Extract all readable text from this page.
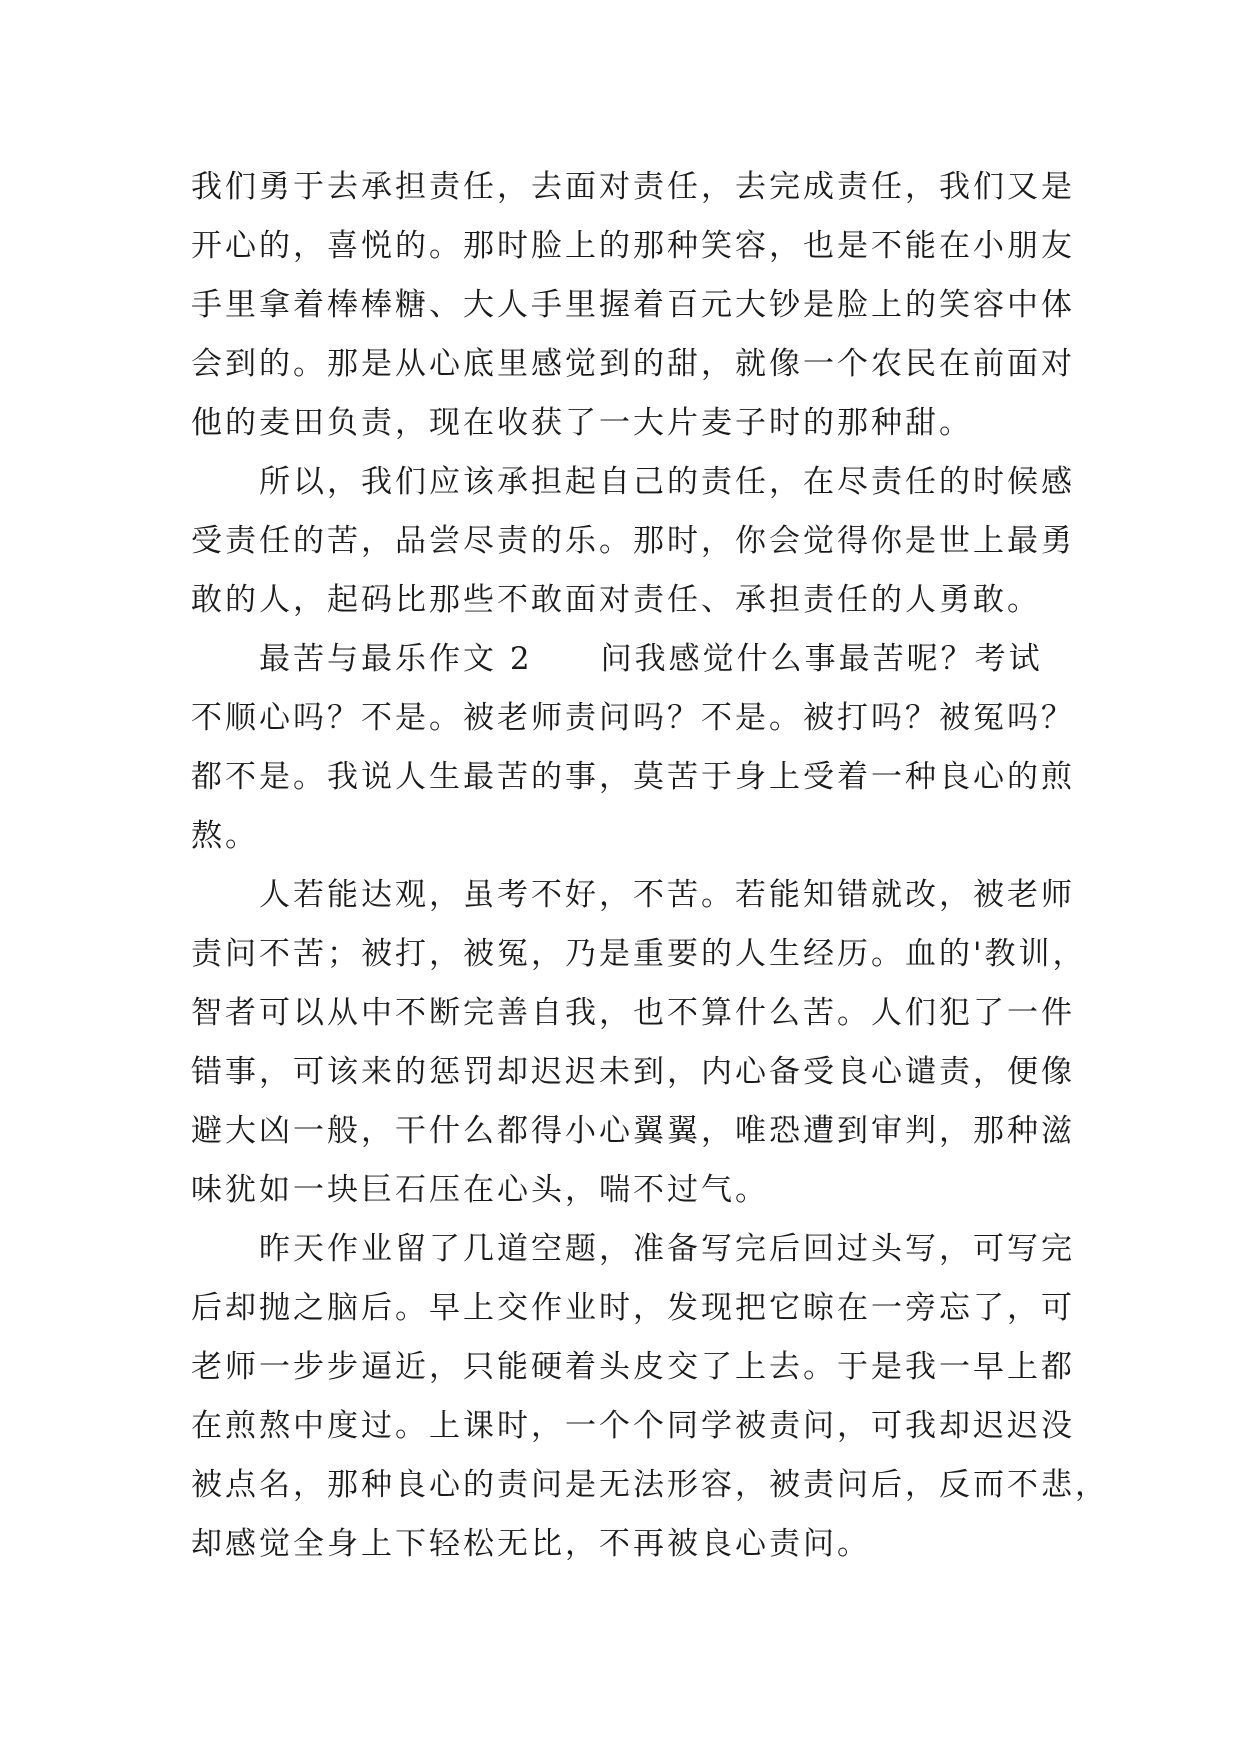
我们勇于去承担责任，去面对责任，去完成责任，我们又是
开心的，喜悦的。那时脸上的那种笑容，也是不能在小朋友
手里拿着棒棒糖、大人手里握着百元大钞是脸上的笑容中体
会到的。那是从心底里感觉到的甜，就像一个农民在前面对
他的麦田负责，现在收获了一大片麦子时的那种甜。

　　所以，我们应该承担起自己的责任，在尽责任的时候感
受责任的苦，品尝尽责的乐。那时，你会觉得你是世上最勇
敢的人，起码比那些不敢面对责任、承担责任的人勇敢。

　　最苦与最乐作文 2　　问我感觉什么事最苦呢？考试
不顺心吗？不是。被老师责问吗？不是。被打吗？被冤吗？
都不是。我说人生最苦的事，莫苦于身上受着一种良心的煎
熬。

　　人若能达观，虽考不好，不苦。若能知错就改，被老师
责问不苦；被打，被冤，乃是重要的人生经历。血的'教训，
智者可以从中不断完善自我，也不算什么苦。人们犯了一件
错事，可该来的惩罚却迟迟未到，内心备受良心谴责，便像
避大凶一般，干什么都得小心翼翼，唯恐遭到审判，那种滋
味犹如一块巨石压在心头，喘不过气。

　　昨天作业留了几道空题，准备写完后回过头写，可写完
后却抛之脑后。早上交作业时，发现把它晾在一旁忘了，可
老师一步步逼近，只能硬着头皮交了上去。于是我一早上都
在煎熬中度过。上课时，一个个同学被责问，可我却迟迟没
被点名，那种良心的责问是无法形容，被责问后，反而不悲，
却感觉全身上下轻松无比，不再被良心责问。
